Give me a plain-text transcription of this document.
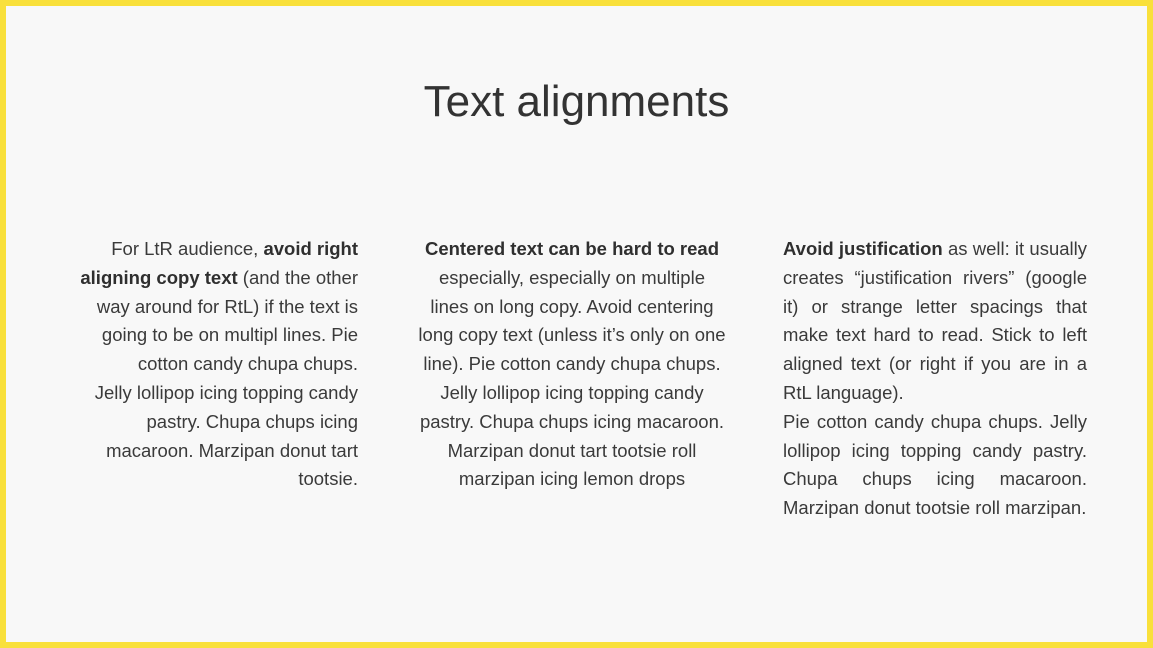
Text alignments
For LtR audience, avoid right aligning copy text (and the other way around for RtL) if the text is going to be on multipl lines. Pie cotton candy chupa chups.
Jelly lollipop icing topping candy pastry. Chupa chups icing macaroon. Marzipan donut tart tootsie.
Centered text can be hard to read especially, especially on multiple lines on long copy. Avoid centering long copy text (unless it’s only on one line). Pie cotton candy chupa chups.
Jelly lollipop icing topping candy pastry. Chupa chups icing macaroon. Marzipan donut tart tootsie roll marzipan icing lemon drops
Avoid justification as well: it usually creates “justification rivers” (google it) or strange letter spacings that make text hard to read. Stick to left aligned text (or right if you are in a RtL language).
Pie cotton candy chupa chups. Jelly lollipop icing topping candy pastry. Chupa chups icing macaroon. Marzipan donut tootsie roll marzipan.
